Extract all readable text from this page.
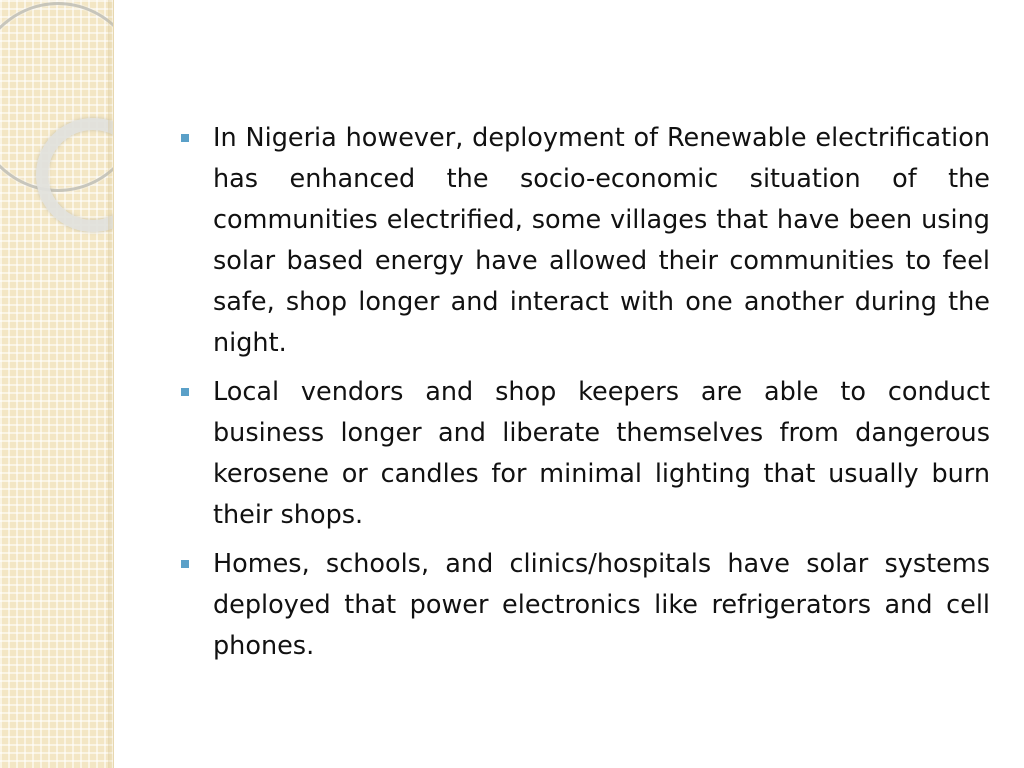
In Nigeria however, deployment of Renewable electrification has enhanced the socio-economic situation of the communities electrified, some villages that have been using solar based energy have allowed their communities to feel safe, shop longer and interact with one another during the night.
Local vendors and shop keepers are able to conduct business longer and liberate themselves from dangerous kerosene or candles for minimal lighting that usually burn their shops.
Homes, schools, and clinics/hospitals have solar systems deployed that power electronics like refrigerators and cell phones.
